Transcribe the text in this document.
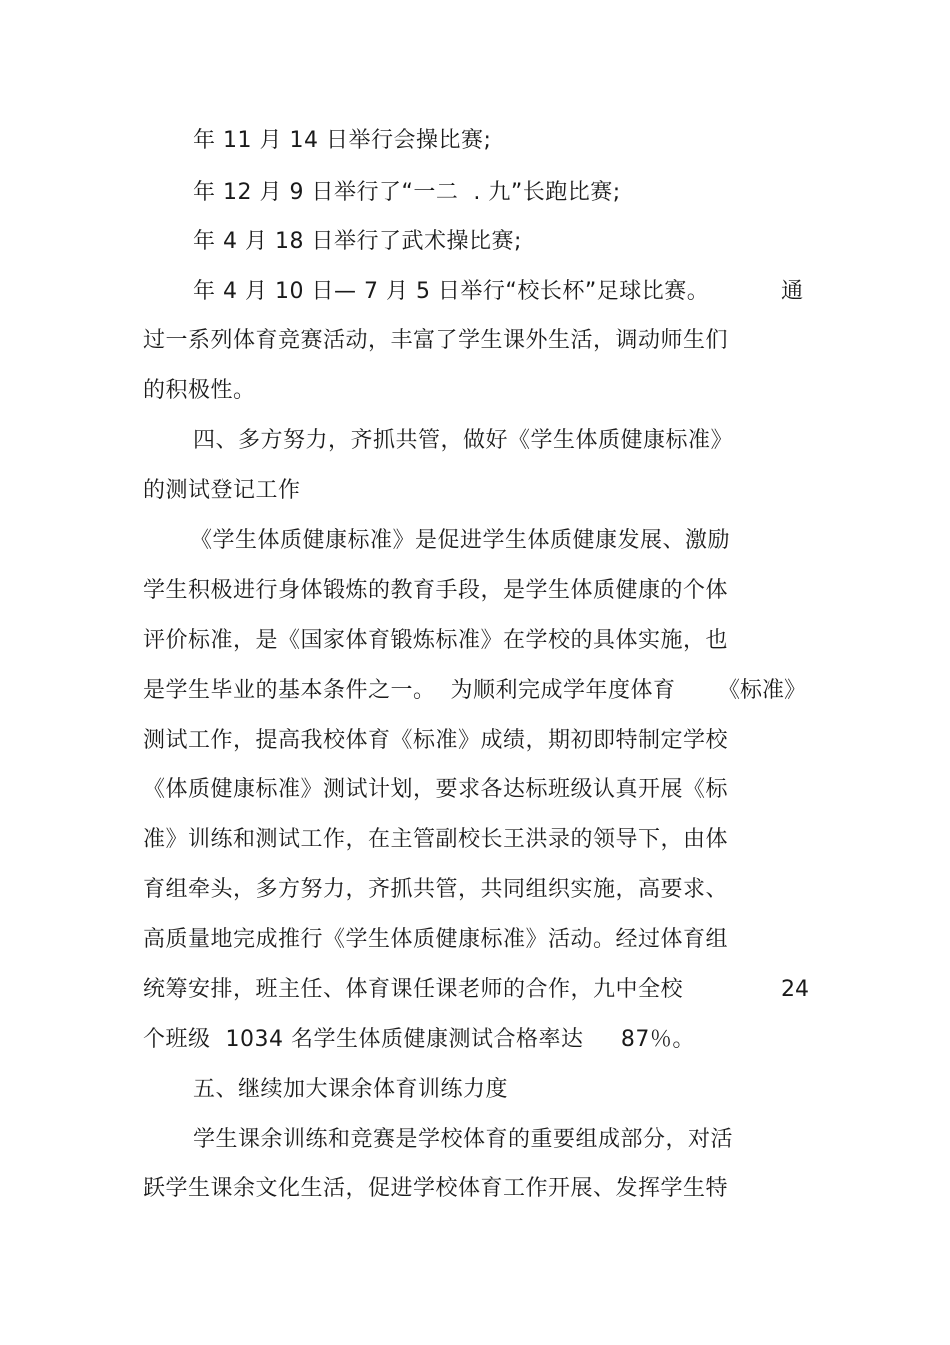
年 11 月 14 日举行会操比赛;
年 12 月 9 日举行了“一二  . 九”长跑比赛;
年 4 月 18 日举行了武术操比赛;
年 4 月 10 日— 7 月 5 日举行“校长杯”足球比赛。	通
过一系列体育竞赛活动，丰富了学生课外生活，调动师生们
的积极性。
四、多方努力，齐抓共管，做好《学生体质健康标准》
的测试登记工作
《学生体质健康标准》是促进学生体质健康发展、激励
学生积极进行身体锻炼的教育手段，是学生体质健康的个体
评价标准，是《国家体育锻炼标准》在学校的具体实施，也
是学生毕业的基本条件之一。  为顺利完成学年度体育 《标准》
测试工作，提高我校体育《标准》成绩，期初即特制定学校
《体质健康标准》测试计划，要求各达标班级认真开展《标
准》训练和测试工作，在主管副校长王洪录的领导下，由体
育组牵头，多方努力，齐抓共管，共同组织实施，高要求、
高质量地完成推行《学生体质健康标准》活动。经过体育组
统筹安排，班主任、体育课任课老师的合作，九中全校	24
个班级  1034 名学生体质健康测试合格率达     87％。
五、继续加大课余体育训练力度
学生课余训练和竞赛是学校体育的重要组成部分，对活
跃学生课余文化生活，促进学校体育工作开展、发挥学生特
